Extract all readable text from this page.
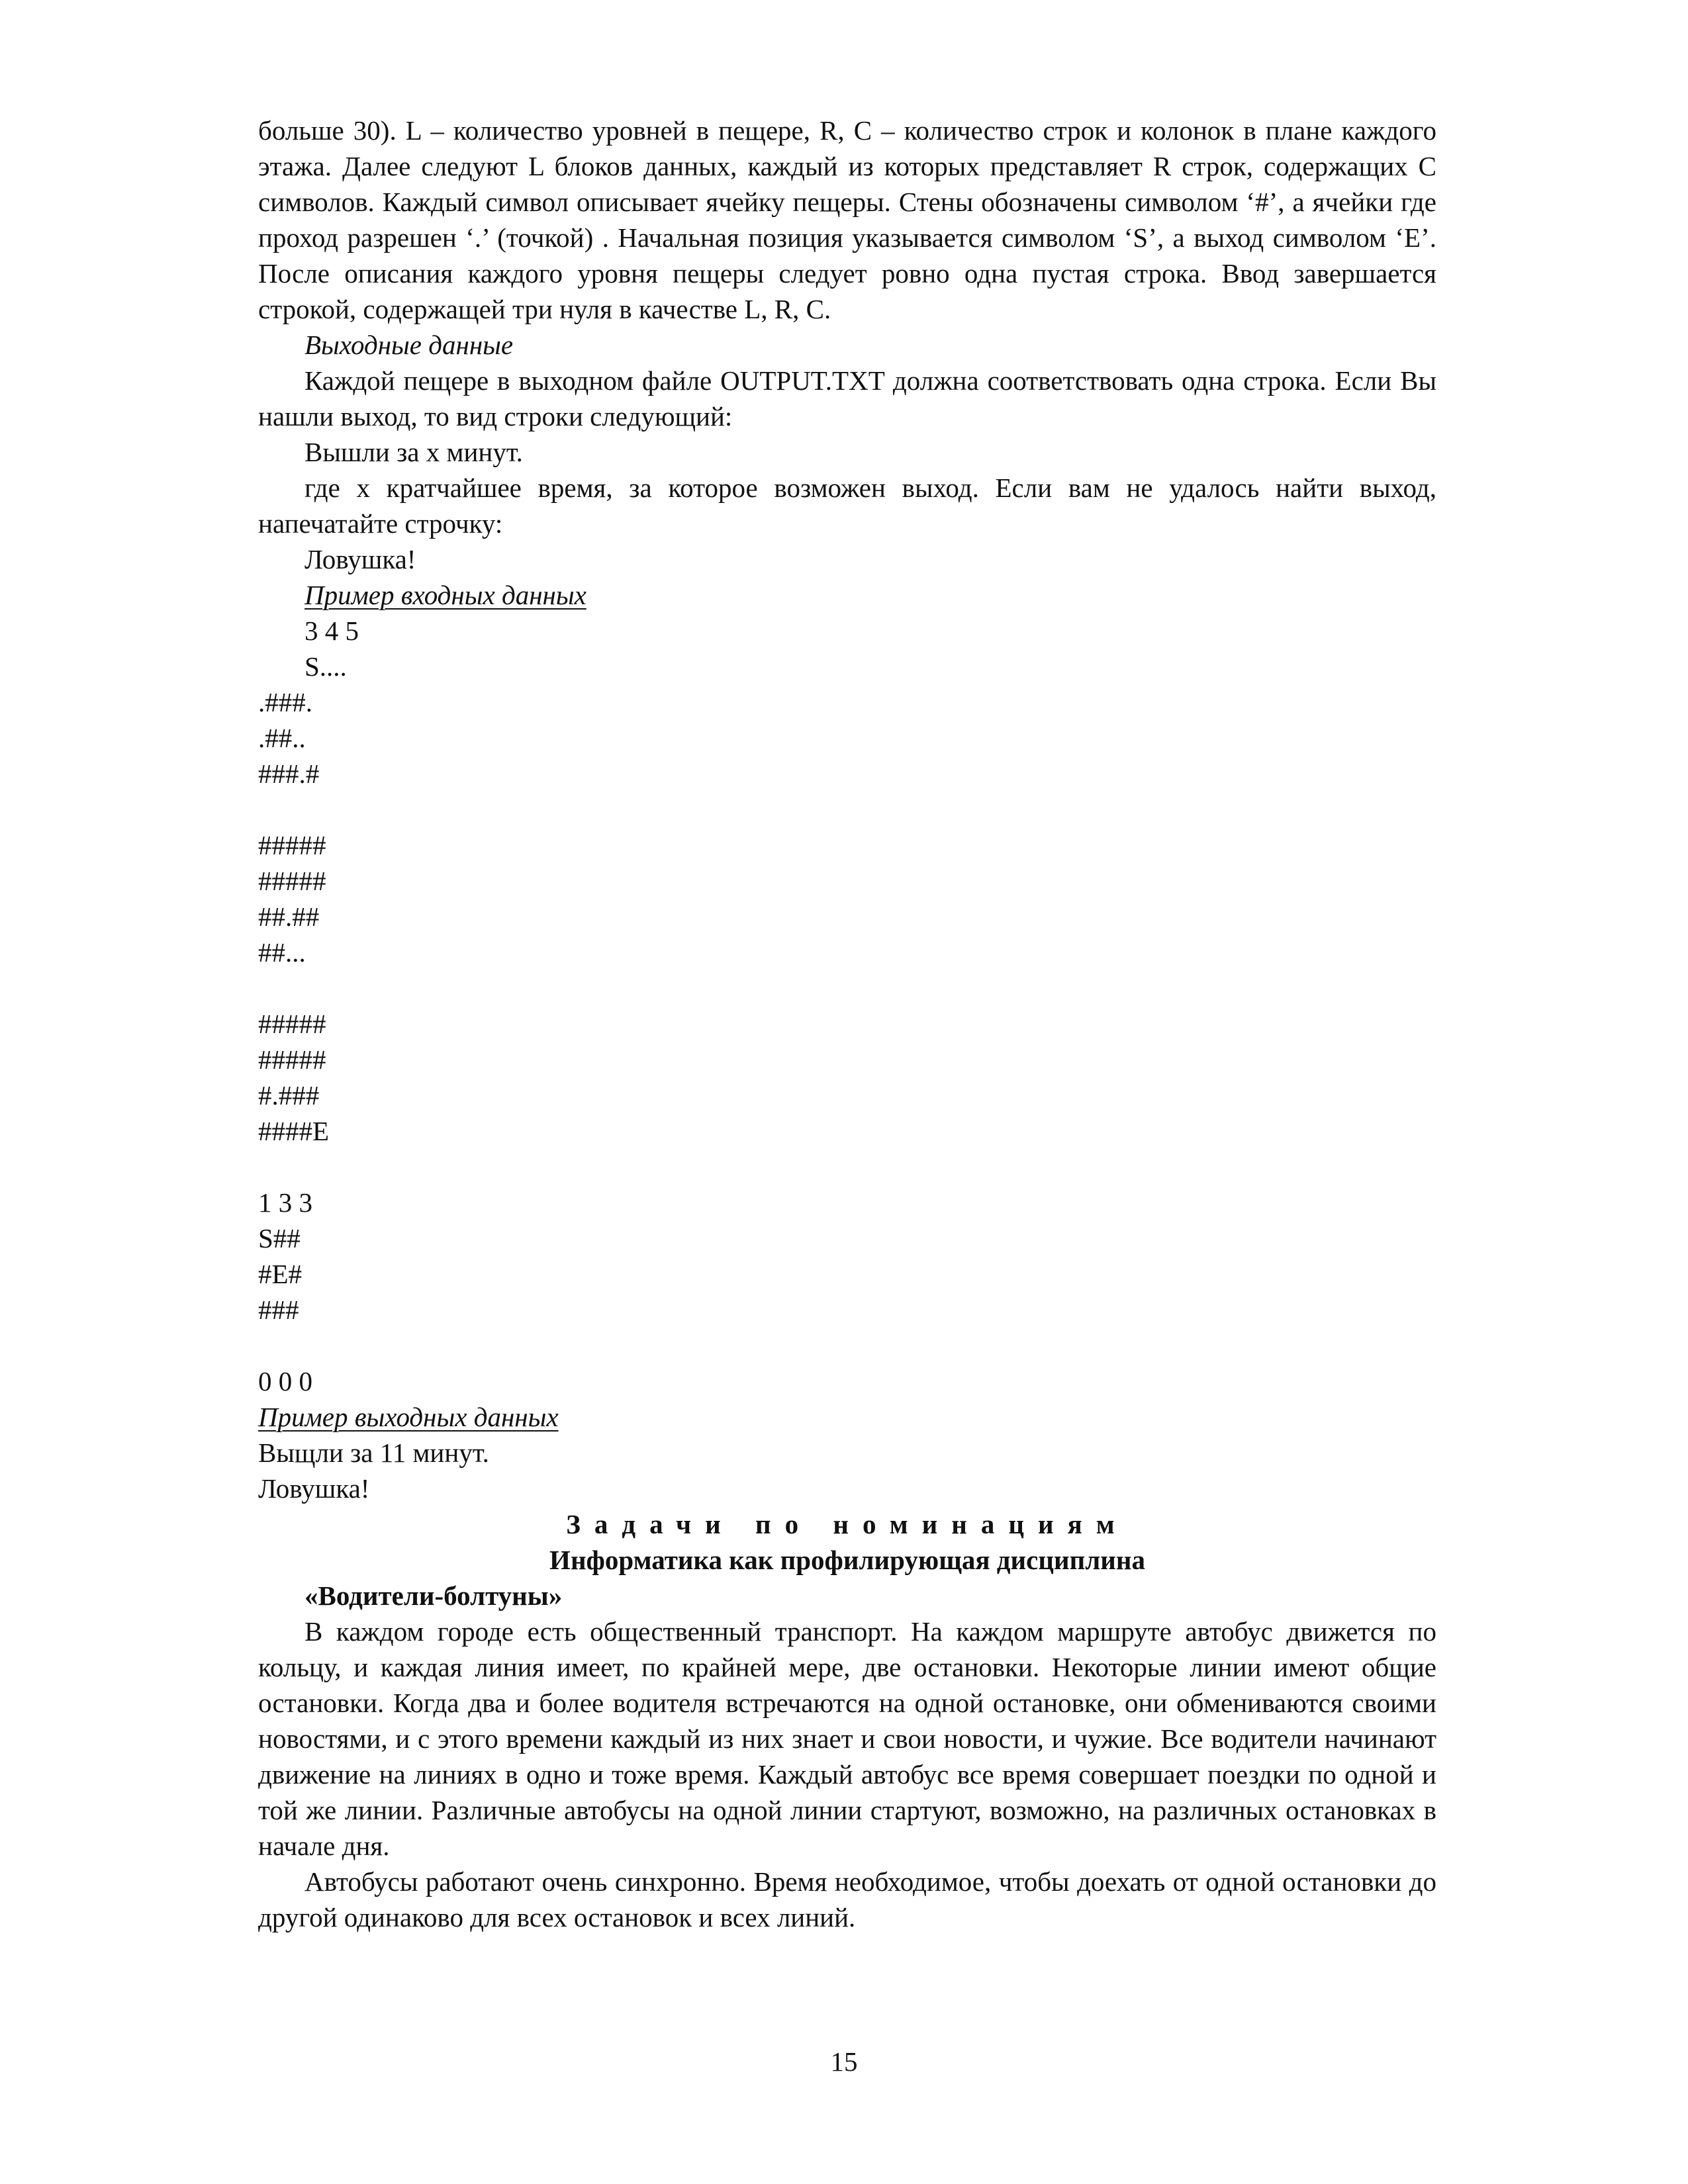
больше 30). L – количество уровней в пещере, R, C – количество строк и колонок в плане каждого этажа. Далее следуют L блоков данных, каждый из которых представляет R строк, содержащих C символов. Каждый символ описывает ячейку пещеры. Стены обозначены символом ‘#’, а ячейки где проход разрешен ‘.’ (точкой) . Начальная позиция указывается символом ‘S’, а выход символом ‘E’. После описания каждого уровня пещеры следует ровно одна пустая строка. Ввод завершается строкой, содержащей три нуля в качестве L, R, C.

Выходные данные

Каждой пещере в выходном файле OUTPUT.TXT должна соответствовать одна строка. Если Вы нашли выход, то вид строки следующий:

Вышли за x минут.

где x кратчайшее время, за которое возможен выход. Если вам не удалось найти выход, напечатайте строчку:

Ловушка!

Пример входных данных

3 4 5

S....

.###.

.##..

###.#

#####

#####

##.##

##...

#####

#####

#.###

####E

1 3 3

S##

#E#

###

0 0 0

Пример выходных данных

Выщли за 11 минут.

Ловушка!

Задачи по номинациям

Информатика как профилирующая дисциплина

«Водители-болтуны»

В каждом городе есть общественный транспорт. На каждом маршруте автобус движется по кольцу, и каждая линия имеет, по крайней мере, две остановки. Некоторые линии имеют общие остановки. Когда два и более водителя встречаются на одной остановке, они обмениваются своими новостями, и с этого времени каждый из них знает и свои новости, и чужие. Все водители начинают движение на линиях в одно и тоже время. Каждый автобус все время совершает поездки по одной и той же линии. Различные автобусы на одной линии стартуют, возможно, на различных остановках в начале дня.

Автобусы работают очень синхронно. Время необходимое, чтобы доехать от одной остановки до другой одинаково для всех остановок и всех линий.

15
